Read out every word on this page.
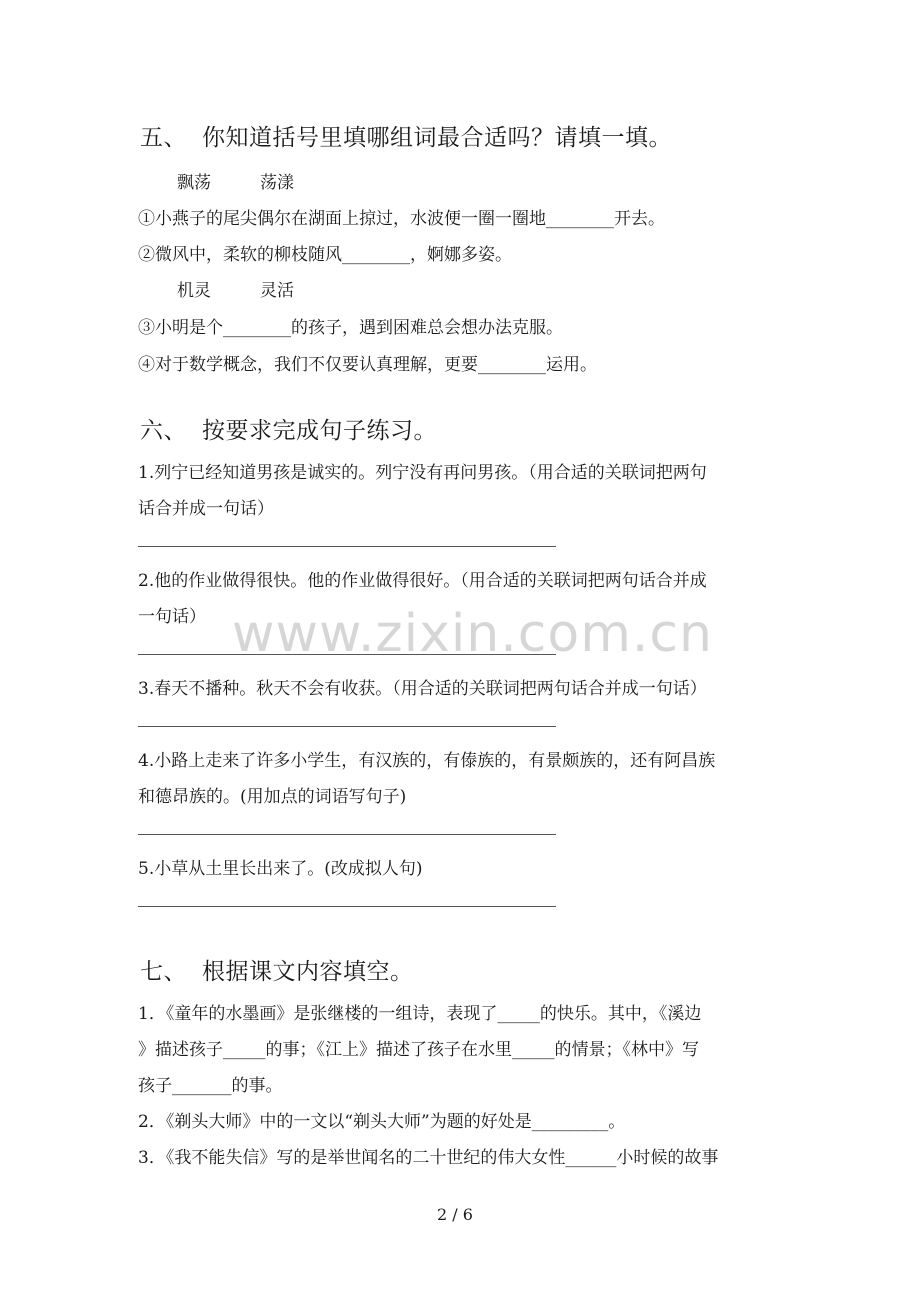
五、 你知道括号里填哪组词最合适吗？请填一填。
飘荡	荡漾
①小燕子的尾尖偶尔在湖面上掠过，水波便一圈一圈地________开去。
②微风中，柔软的柳枝随风________，婀娜多姿。
机灵	灵活
③小明是个________的孩子，遇到困难总会想办法克服。
④对于数学概念，我们不仅要认真理解，更要________运用。
六、 按要求完成句子练习。
1.列宁已经知道男孩是诚实的。列宁没有再问男孩。（用合适的关联词把两句
话合并成一句话）
2.他的作业做得很快。他的作业做得很好。（用合适的关联词把两句话合并成
一句话）
3.春天不播种。秋天不会有收获。（用合适的关联词把两句话合并成一句话）
4.小路上走来了许多小学生，有汉族的，有傣族的，有景颇族的，还有阿昌族
和德昂族的。(用加点的词语写句子)
5.小草从土里长出来了。(改成拟人句)
www.zixin.com.cn
七、 根据课文内容填空。
1．《童年的水墨画》是张继楼的一组诗，表现了_____的快乐。其中，《溪边
》描述孩子_____的事；《江上》描述了孩子在水里_____的情景；《林中》写
孩子_______的事。
2．《剃头大师》中的一文以“剃头大师”为题的好处是_________。
3．《我不能失信》写的是举世闻名的二十世纪的伟大女性______小时候的故事
2 / 6
